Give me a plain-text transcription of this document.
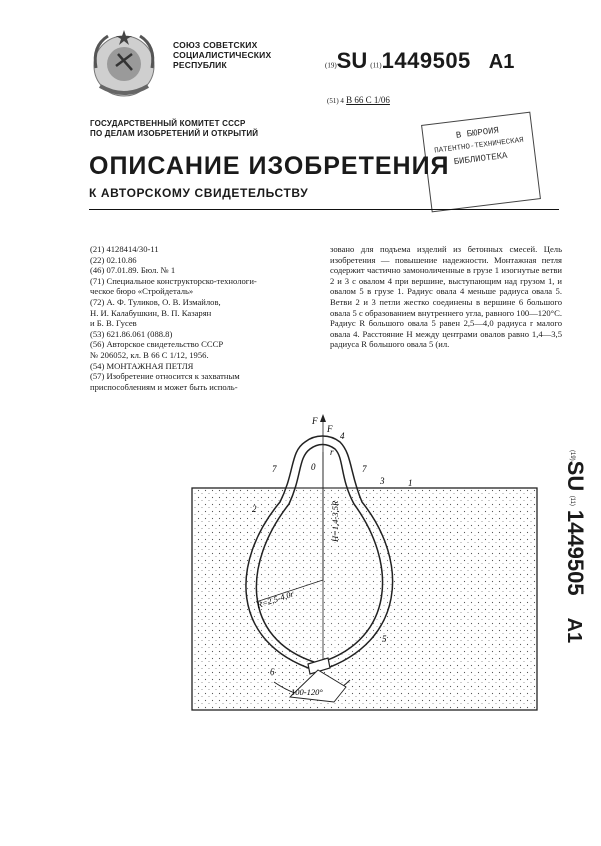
СОЮЗ СОВЕТСКИХ
СОЦИАЛИСТИЧЕСКИХ
РЕСПУБЛИК	(19)SU (11)1449505 А1
(51) 4 В 66 С 1/06
ГОСУДАРСТВЕННЫЙ КОМИТЕТ СССР
ПО ДЕЛАМ ИЗОБРЕТЕНИЙ И ОТКРЫТИЙ	В БЮРОИЯ
ПАТЕНТНО-ТЕХНИЧЕСКАЯ
БИБЛИОТЕКА
ОПИСАНИЕ ИЗОБРЕТЕНИЯ
К АВТОРСКОМУ СВИДЕТЕЛЬСТВУ
(21) 4128414/30-11
(22) 02.10.86
(46) 07.01.89. Бюл. № 1
(71) Специальное конструкторско-технологи-
ческое бюро «Стройдеталь»
(72) А. Ф. Туликов, О. В. Измайлов,
Н. И. Калабушкин, В. П. Казарян
и Б. В. Гусев
(53) 621.86.061 (088.8)
(56) Авторское свидетельство СССР
№ 206052, кл. В 66 С 1/12, 1956.
(54) МОНТАЖНАЯ ПЕТЛЯ
(57) Изобретение относится к захватным
приспособлениям и может быть исполь-
зовано для подъема изделий из бетонных смесей. Цель изобретения — повышение надежности. Монтажная петля содержит частично замоноличенные в грузе 1 изогнутые ветви 2 и 3 с овалом 4 при вершине, выступающим над грузом 1, и овалом 5 в грузе 1. Радиус овала 4 меньше радиуса овала 5. Ветви 2 и 3 петли жестко соединены в вершине 6 большого овала 5 с образованием внутреннего угла, равного 100—120°С. Радиус R большого овала 5 равен 2,5—4,0 радиуса r малого овала 4. Расстояние H между центрами овалов равно 1,4—3,5 радиуса R большого овала 5 (ил.
(19)SU (11)1449505А1
F
F
4
r
0
7	7
3	1
2
5
6
H=1,4-3,5R
R=2,5-4,0r
100-120°
